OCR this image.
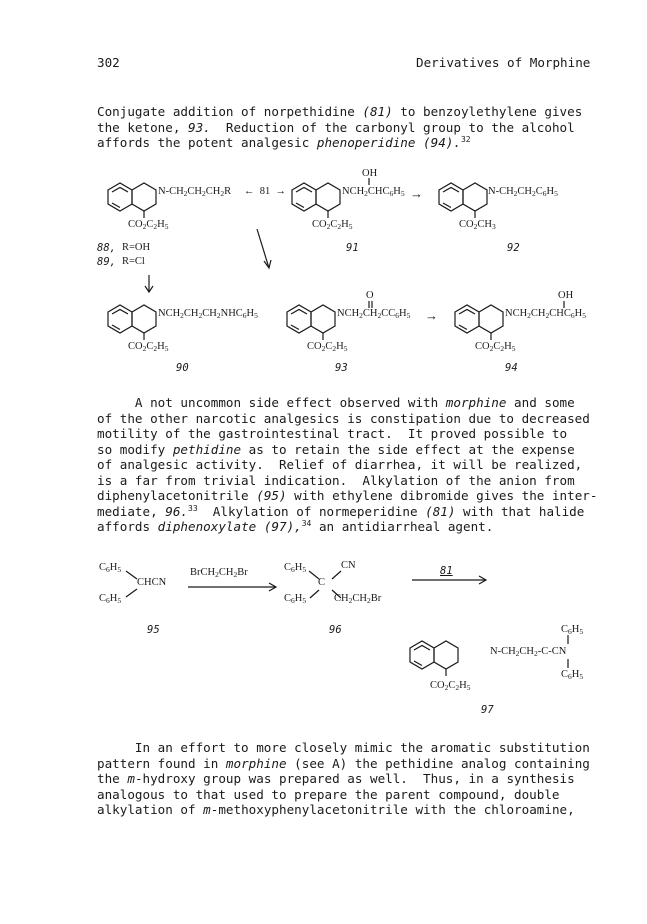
302	Derivatives of Morphine
Conjugate addition of norpethidine (81) to benzoylethylene gives
the ketone, 93.  Reduction of the carbonyl group to the alcohol
affords the potent analgesic phenoperidine (94).$^{32}$
$N-CH_2CH_2CH_2R$
$CO_2C_2H_5$
←  81  →
OH
$NCH_2CHC_6H_5$
$CO_2C_2H_5$
→	$N-CH_2CH_2C_6H_5$
$CO_2CH_3$
91	92
88, R=OH
89, R=Cl
$NCH_2CH_2CH_2NHC_6H_5$
$CO_2C_2H_5$
O
$NCH_2CH_2CC_6H_5$
$CO_2C_2H_5$
→
OH
$NCH_2CH_2CHC_6H_5$
$CO_2C_2H_5$
90	93	94
A not uncommon side effect observed with morphine and some
of the other narcotic analgesics is constipation due to decreased
motility of the gastrointestinal tract.  It proved possible to
so modify pethidine as to retain the side effect at the expense
of analgesic activity.  Relief of diarrhea, it will be realized,
is a far from trivial indication.  Alkylation of the anion from
diphenylacetonitrile (95) with ethylene dibromide gives the inter-
mediate, 96.33  Alkylation of normeperidine (81) with that halide
affords diphenoxylate (97),$^{34}$ an antidiarrheal agent.
$C_6H_5$
CHCN
$C_6H_5$
$BrCH_2CH_2Br$	$C_6H_5$	CN
C
$C_6H_5$	$CH_2CH_2Br$
81
95	96	$C_6H_5$
$N-CH_2CH_2-C-CN$
$C_6H_5$
$CO_2C_2H_5$
97
In an effort to more closely mimic the aromatic substitution
pattern found in morphine (see A) the pethidine analog containing
the m-hydroxy group was prepared as well.  Thus, in a synthesis
analogous to that used to prepare the parent compound, double
alkylation of m-methoxyphenylacetonitrile with the chloroamine,
